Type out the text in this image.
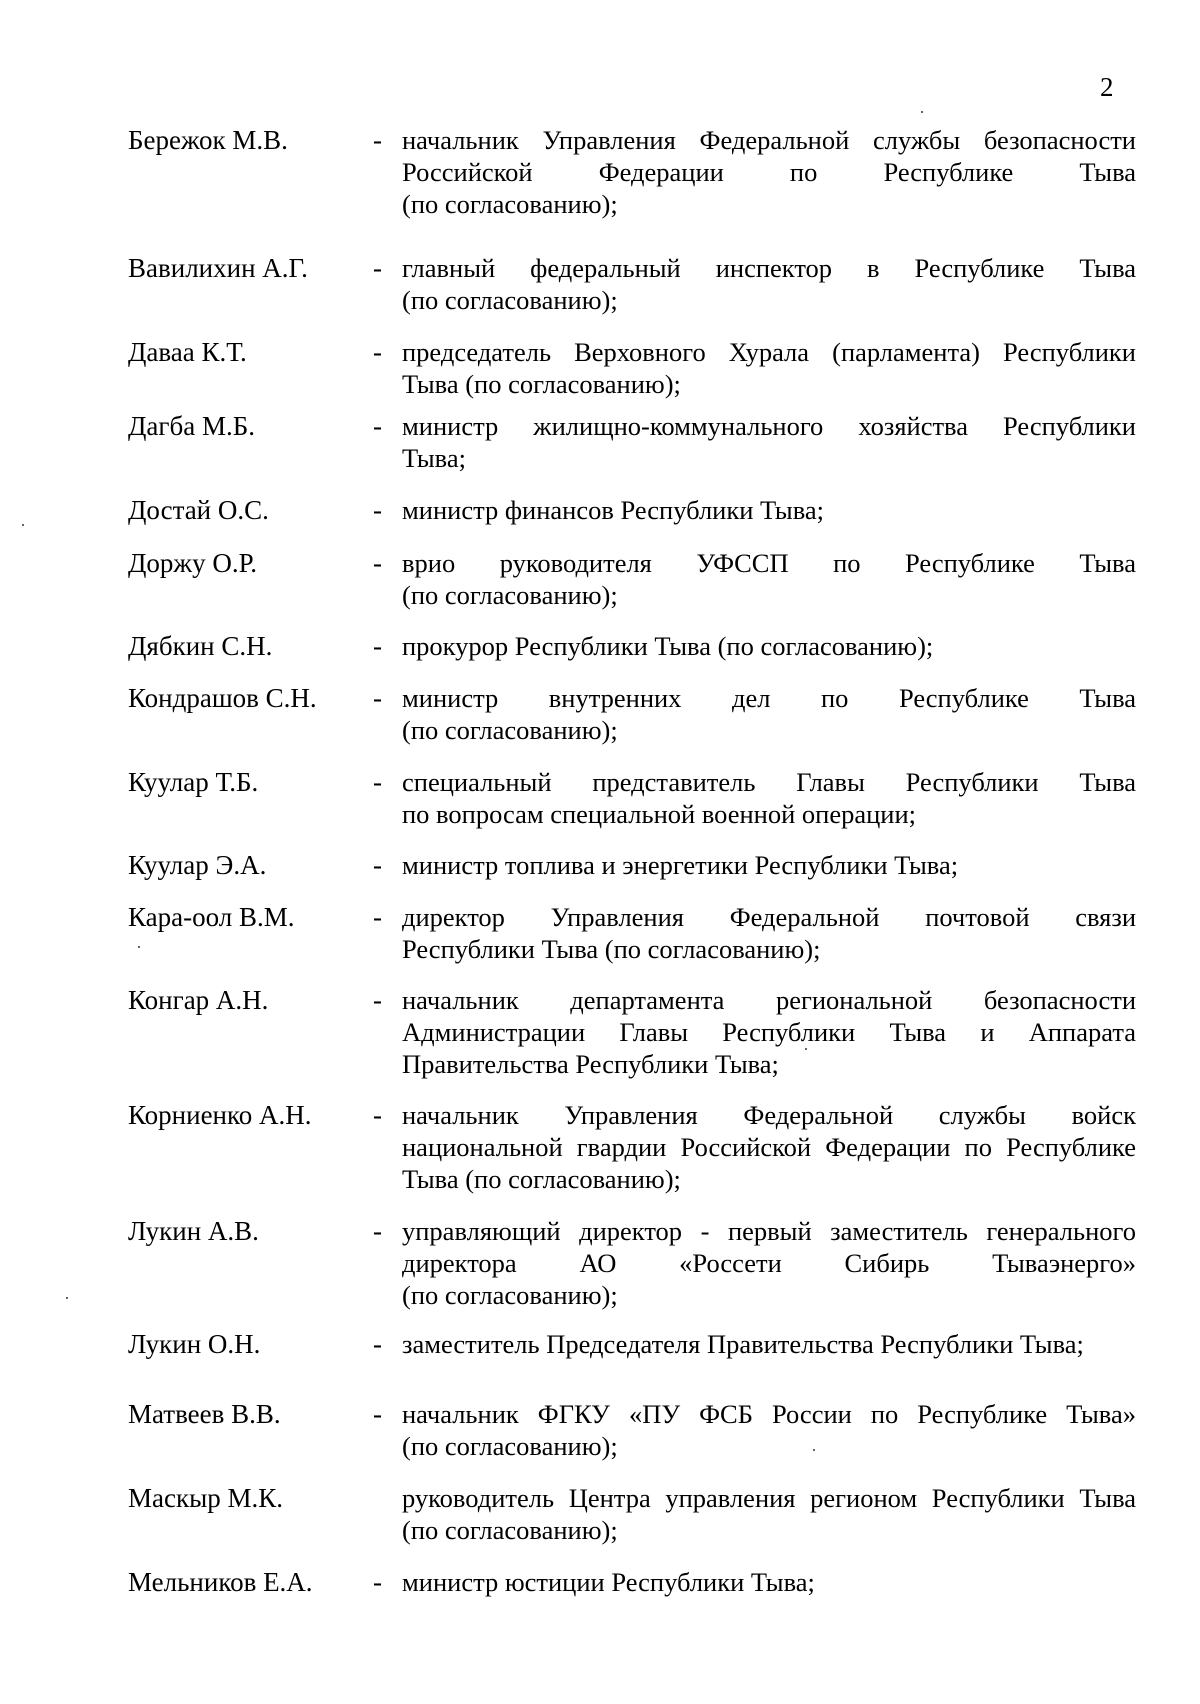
2
Бережок М.В.	- начальник Управления Федеральной службы безопасности
Российской Федерации по Республике Тыва
(по согласованию);
Вавилихин А.Г. - главный федеральный инспектор в Республике Тыва
(по согласованию);
Даваа К.Т.	- председатель Верховного Хурала (парламента) Республики
Тыва (по согласованию);
Дагба М.Б.	- министр жилищно-коммунального хозяйства Республики
Тыва;
Достай О.С.	- министр финансов Республики Тыва;
Доржу О.Р.	- врио руководителя УФССП по Республике Тыва
(по согласованию);
Дябкин С.Н.	- прокурор Республики Тыва (по согласованию);
Кондрашов С.Н. - министр внутренних дел по Республике Тыва
(по согласованию);
Куулар Т.Б.	- специальный представитель Главы Республики Тыва
по вопросам специальной военной операции;
Куулар Э.А.	- министр топлива и энергетики Республики Тыва;
Кара-оол В.М.	- директор Управления Федеральной почтовой связи
Республики Тыва (по согласованию);
Конгар А.Н.	- начальник департамента региональной безопасности
Администрации Главы Республики Тыва и Аппарата
Правительства Республики Тыва;
Корниенко А.Н. - начальник Управления Федеральной службы войск
национальной гвардии Российской Федерации по Республике
Тыва (по согласованию);
Лукин А.В.	- управляющий директор - первый заместитель генерального
директора АО «Россети Сибирь Тываэнерго»
(по согласованию);
Лукин О.Н.	- заместитель Председателя Правительства Республики Тыва;
Матвеев В.В.	- начальник ФГКУ «ПУ ФСБ России по Республике Тыва»
(по согласованию);
Маскыр М.К.	руководитель Центра управления регионом Республики Тыва
(по согласованию);
Мельников Е.А. - министр юстиции Республики Тыва;
